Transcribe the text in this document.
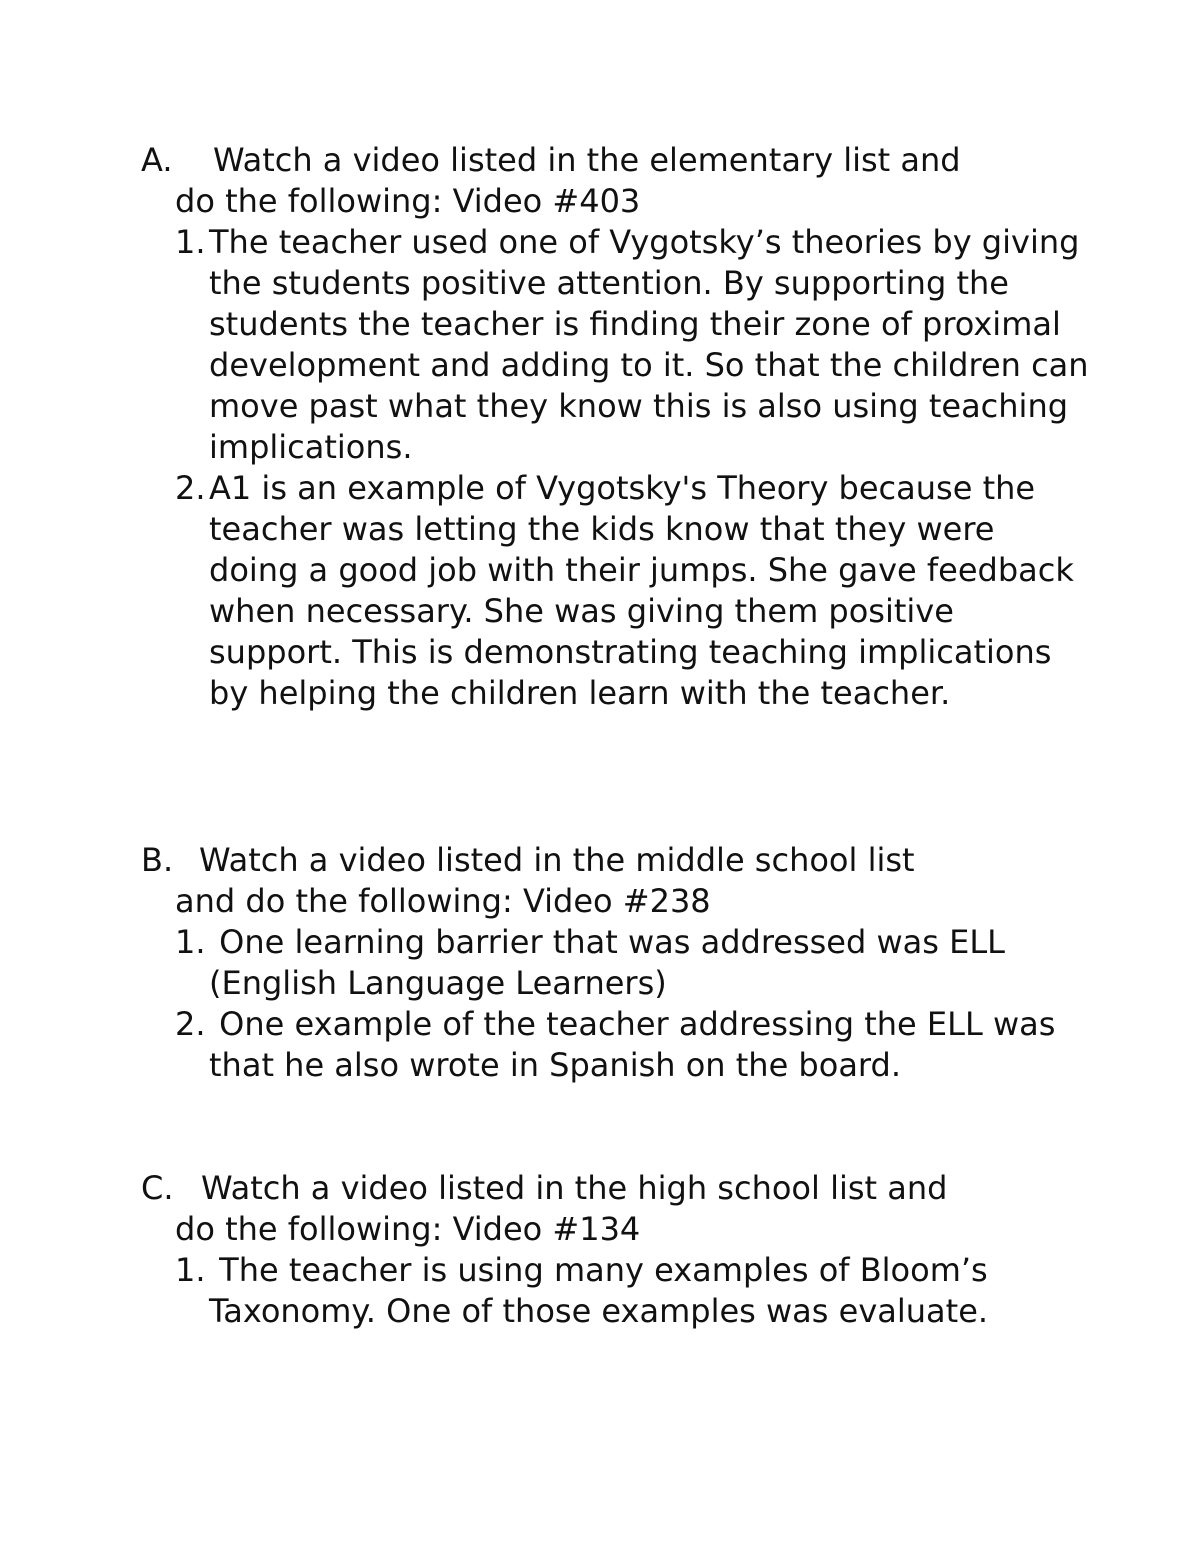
A.	Watch a video listed in the elementary list and
do the following: Video #403
1. The teacher used one of Vygotsky’s theories by giving the students positive attention. By supporting the students the teacher is finding their zone of proximal development and adding to it. So that the children can move past what they know this is also using teaching implications.
2. A1 is an example of Vygotsky's Theory because the teacher was letting the kids know that they were doing a good job with their jumps. She gave feedback when necessary. She was giving them positive support. This is demonstrating teaching implications by helping the children learn with the teacher.
B. Watch a video listed in the middle school list
and do the following: Video #238
1. One learning barrier that was addressed was ELL (English Language Learners)
2. One example of the teacher addressing the ELL was that he also wrote in Spanish on the board.
C. Watch a video listed in the high school list and
do the following: Video #134
1. The teacher is using many examples of Bloom’s Taxonomy. One of those examples was evaluate.
